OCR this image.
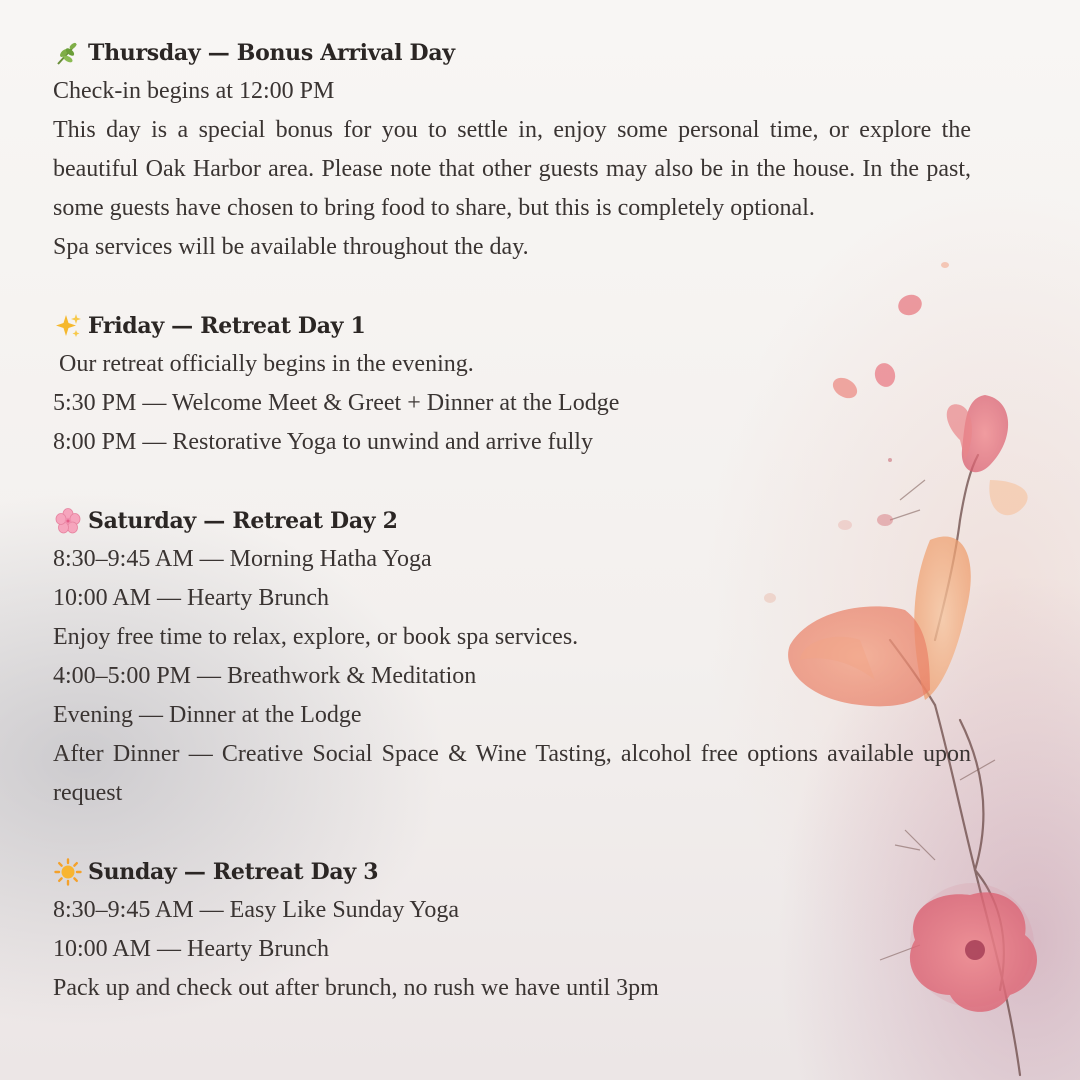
Thursday — Bonus Arrival Day
Check-in begins at 12:00 PM
This day is a special bonus for you to settle in, enjoy some personal time, or explore the beautiful Oak Harbor area. Please note that other guests may also be in the house. In the past, some guests have chosen to bring food to share, but this is completely optional.
Spa services will be available throughout the day.
Friday — Retreat Day 1
Our retreat officially begins in the evening.
5:30 PM — Welcome Meet & Greet + Dinner at the Lodge
8:00 PM — Restorative Yoga to unwind and arrive fully
Saturday — Retreat Day 2
8:30–9:45 AM — Morning Hatha Yoga
10:00 AM — Hearty Brunch
Enjoy free time to relax, explore, or book spa services.
4:00–5:00 PM — Breathwork & Meditation
Evening — Dinner at the Lodge
After Dinner — Creative Social Space & Wine Tasting, alcohol free options available upon request
Sunday — Retreat Day 3
8:30–9:45 AM — Easy Like Sunday Yoga
10:00 AM — Hearty Brunch
Pack up and check out after brunch, no rush we have until 3pm
